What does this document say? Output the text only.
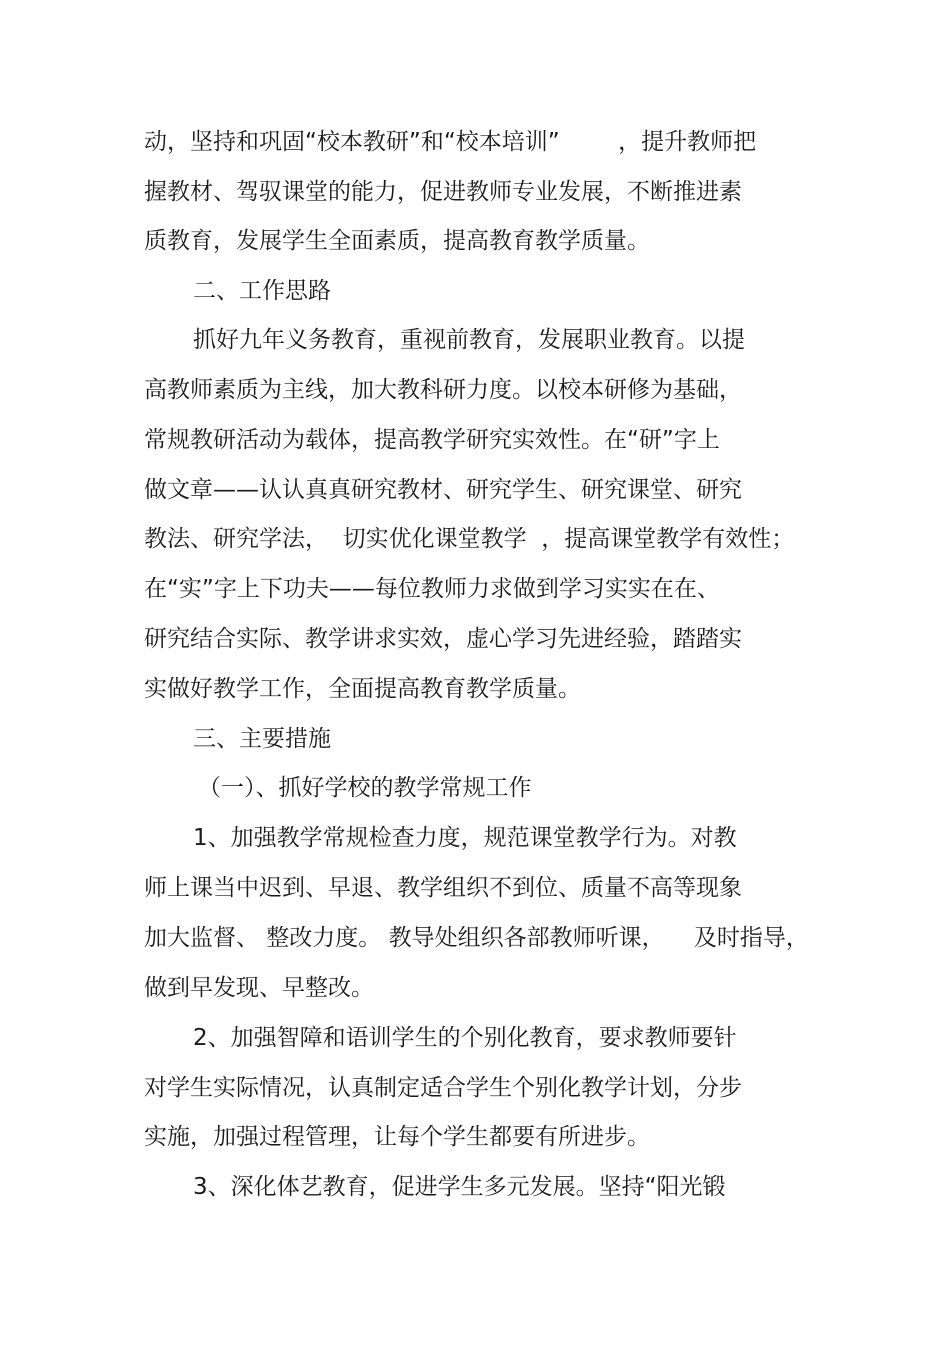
动，坚持和巩固“校本教研”和“校本培训”        ，提升教师把
握教材、驾驭课堂的能力，促进教师专业发展，不断推进素
质教育，发展学生全面素质，提高教育教学质量。
二、工作思路
抓好九年义务教育，重视前教育，发展职业教育。以提
高教师素质为主线，加大教科研力度。以校本研修为基础，
常规教研活动为载体，提高教学研究实效性。在“研”字上
做文章——认认真真研究教材、研究学生、研究课堂、研究
教法、研究学法，  切实优化课堂教学  ，提高课堂教学有效性；
在“实”字上下功夫——每位教师力求做到学习实实在在、
研究结合实际、教学讲求实效，虚心学习先进经验，踏踏实
实做好教学工作，全面提高教育教学质量。
三、主要措施
（一）、抓好学校的教学常规工作
1、加强教学常规检查力度，规范课堂教学行为。对教
师上课当中迟到、早退、教学组织不到位、质量不高等现象
加大监督、 整改力度。 教导处组织各部教师听课，    及时指导，
做到早发现、早整改。
2、加强智障和语训学生的个别化教育，要求教师要针
对学生实际情况，认真制定适合学生个别化教学计划，分步
实施，加强过程管理，让每个学生都要有所进步。
3、深化体艺教育，促进学生多元发展。坚持“阳光锻
